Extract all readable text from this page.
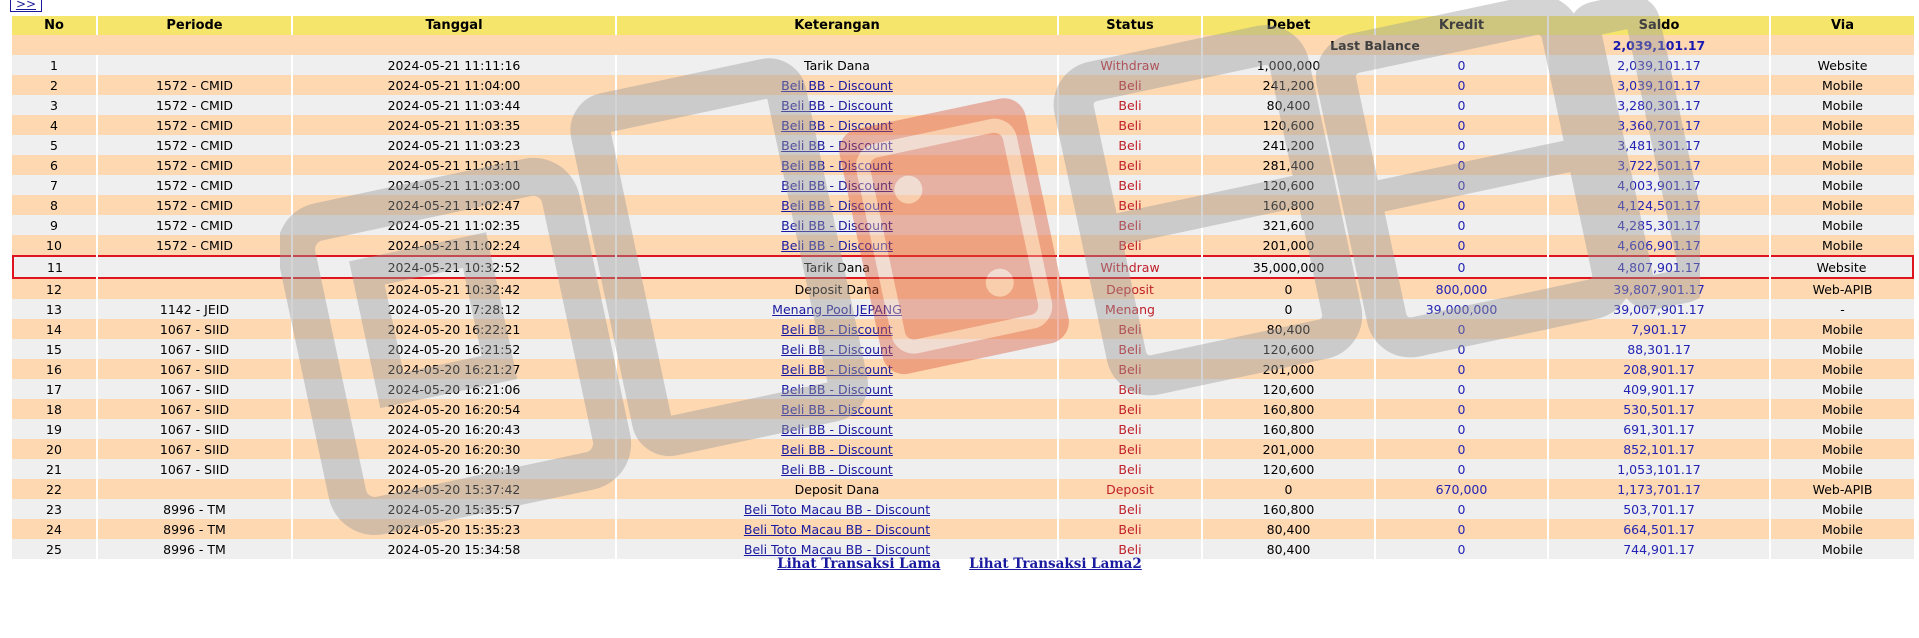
>>
No	Periode	Tanggal	Keterangan	Status	Debet	Kredit	Saldo	Via
					Last Balance		2,039,101.17	
1		2024-05-21 11:11:16	Tarik Dana	Withdraw	1,000,000	0	2,039,101.17	Website
2	1572 - CMID	2024-05-21 11:04:00	Beli BB - Discount	Beli	241,200	0	3,039,101.17	Mobile
3	1572 - CMID	2024-05-21 11:03:44	Beli BB - Discount	Beli	80,400	0	3,280,301.17	Mobile
4	1572 - CMID	2024-05-21 11:03:35	Beli BB - Discount	Beli	120,600	0	3,360,701.17	Mobile
5	1572 - CMID	2024-05-21 11:03:23	Beli BB - Discount	Beli	241,200	0	3,481,301.17	Mobile
6	1572 - CMID	2024-05-21 11:03:11	Beli BB - Discount	Beli	281,400	0	3,722,501.17	Mobile
7	1572 - CMID	2024-05-21 11:03:00	Beli BB - Discount	Beli	120,600	0	4,003,901.17	Mobile
8	1572 - CMID	2024-05-21 11:02:47	Beli BB - Discount	Beli	160,800	0	4,124,501.17	Mobile
9	1572 - CMID	2024-05-21 11:02:35	Beli BB - Discount	Beli	321,600	0	4,285,301.17	Mobile
10	1572 - CMID	2024-05-21 11:02:24	Beli BB - Discount	Beli	201,000	0	4,606,901.17	Mobile
11		2024-05-21 10:32:52	Tarik Dana	Withdraw	35,000,000	0	4,807,901.17	Website
12		2024-05-21 10:32:42	Deposit Dana	Deposit	0	800,000	39,807,901.17	Web-APIB
13	1142 - JEID	2024-05-20 17:28:12	Menang Pool JEPANG	Menang	0	39,000,000	39,007,901.17	-
14	1067 - SIID	2024-05-20 16:22:21	Beli BB - Discount	Beli	80,400	0	7,901.17	Mobile
15	1067 - SIID	2024-05-20 16:21:52	Beli BB - Discount	Beli	120,600	0	88,301.17	Mobile
16	1067 - SIID	2024-05-20 16:21:27	Beli BB - Discount	Beli	201,000	0	208,901.17	Mobile
17	1067 - SIID	2024-05-20 16:21:06	Beli BB - Discount	Beli	120,600	0	409,901.17	Mobile
18	1067 - SIID	2024-05-20 16:20:54	Beli BB - Discount	Beli	160,800	0	530,501.17	Mobile
19	1067 - SIID	2024-05-20 16:20:43	Beli BB - Discount	Beli	160,800	0	691,301.17	Mobile
20	1067 - SIID	2024-05-20 16:20:30	Beli BB - Discount	Beli	201,000	0	852,101.17	Mobile
21	1067 - SIID	2024-05-20 16:20:19	Beli BB - Discount	Beli	120,600	0	1,053,101.17	Mobile
22		2024-05-20 15:37:42	Deposit Dana	Deposit	0	670,000	1,173,701.17	Web-APIB
23	8996 - TM	2024-05-20 15:35:57	Beli Toto Macau BB - Discount	Beli	160,800	0	503,701.17	Mobile
24	8996 - TM	2024-05-20 15:35:23	Beli Toto Macau BB - Discount	Beli	80,400	0	664,501.17	Mobile
25	8996 - TM	2024-05-20 15:34:58	Beli Toto Macau BB - Discount	Beli	80,400	0	744,901.17	Mobile
Lihat Transaksi Lama Lihat Transaksi Lama2
